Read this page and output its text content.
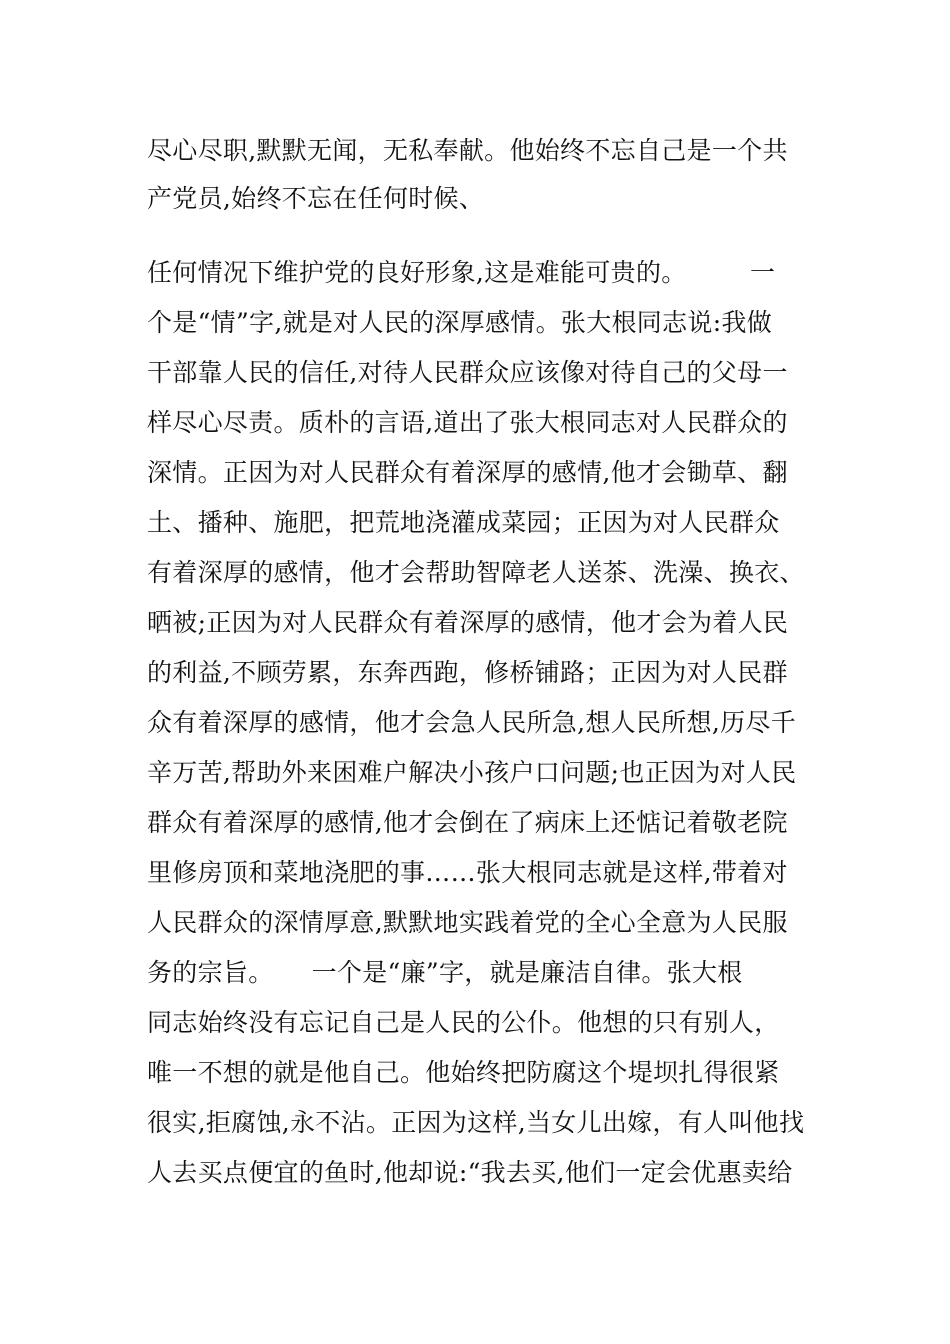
尽心尽职,默默无闻，无私奉献。他始终不忘自己是一个共
产党员,始终不忘在任何时候、
任何情况下维护党的良好形象,这是难能可贵的。　　　一
个是“情”字,就是对人民的深厚感情。张大根同志说:我做
干部靠人民的信任,对待人民群众应该像对待自己的父母一
样尽心尽责。质朴的言语,道出了张大根同志对人民群众的
深情。正因为对人民群众有着深厚的感情,他才会锄草、翻
土、播种、施肥，把荒地浇灌成菜园；正因为对人民群众
有着深厚的感情，他才会帮助智障老人送茶、洗澡、换衣、
晒被;正因为对人民群众有着深厚的感情，他才会为着人民
的利益,不顾劳累，东奔西跑，修桥铺路；正因为对人民群
众有着深厚的感情，他才会急人民所急,想人民所想,历尽千
辛万苦,帮助外来困难户解决小孩户口问题;也正因为对人民
群众有着深厚的感情,他才会倒在了病床上还惦记着敬老院
里修房顶和菜地浇肥的事……张大根同志就是这样,带着对
人民群众的深情厚意,默默地实践着党的全心全意为人民服
务的宗旨。　　一个是“廉”字，就是廉洁自律。张大根
同志始终没有忘记自己是人民的公仆。他想的只有别人，
唯一不想的就是他自己。他始终把防腐这个堤坝扎得很紧
很实,拒腐蚀,永不沾。正因为这样,当女儿出嫁，有人叫他找
人去买点便宜的鱼时,他却说:“我去买,他们一定会优惠卖给
